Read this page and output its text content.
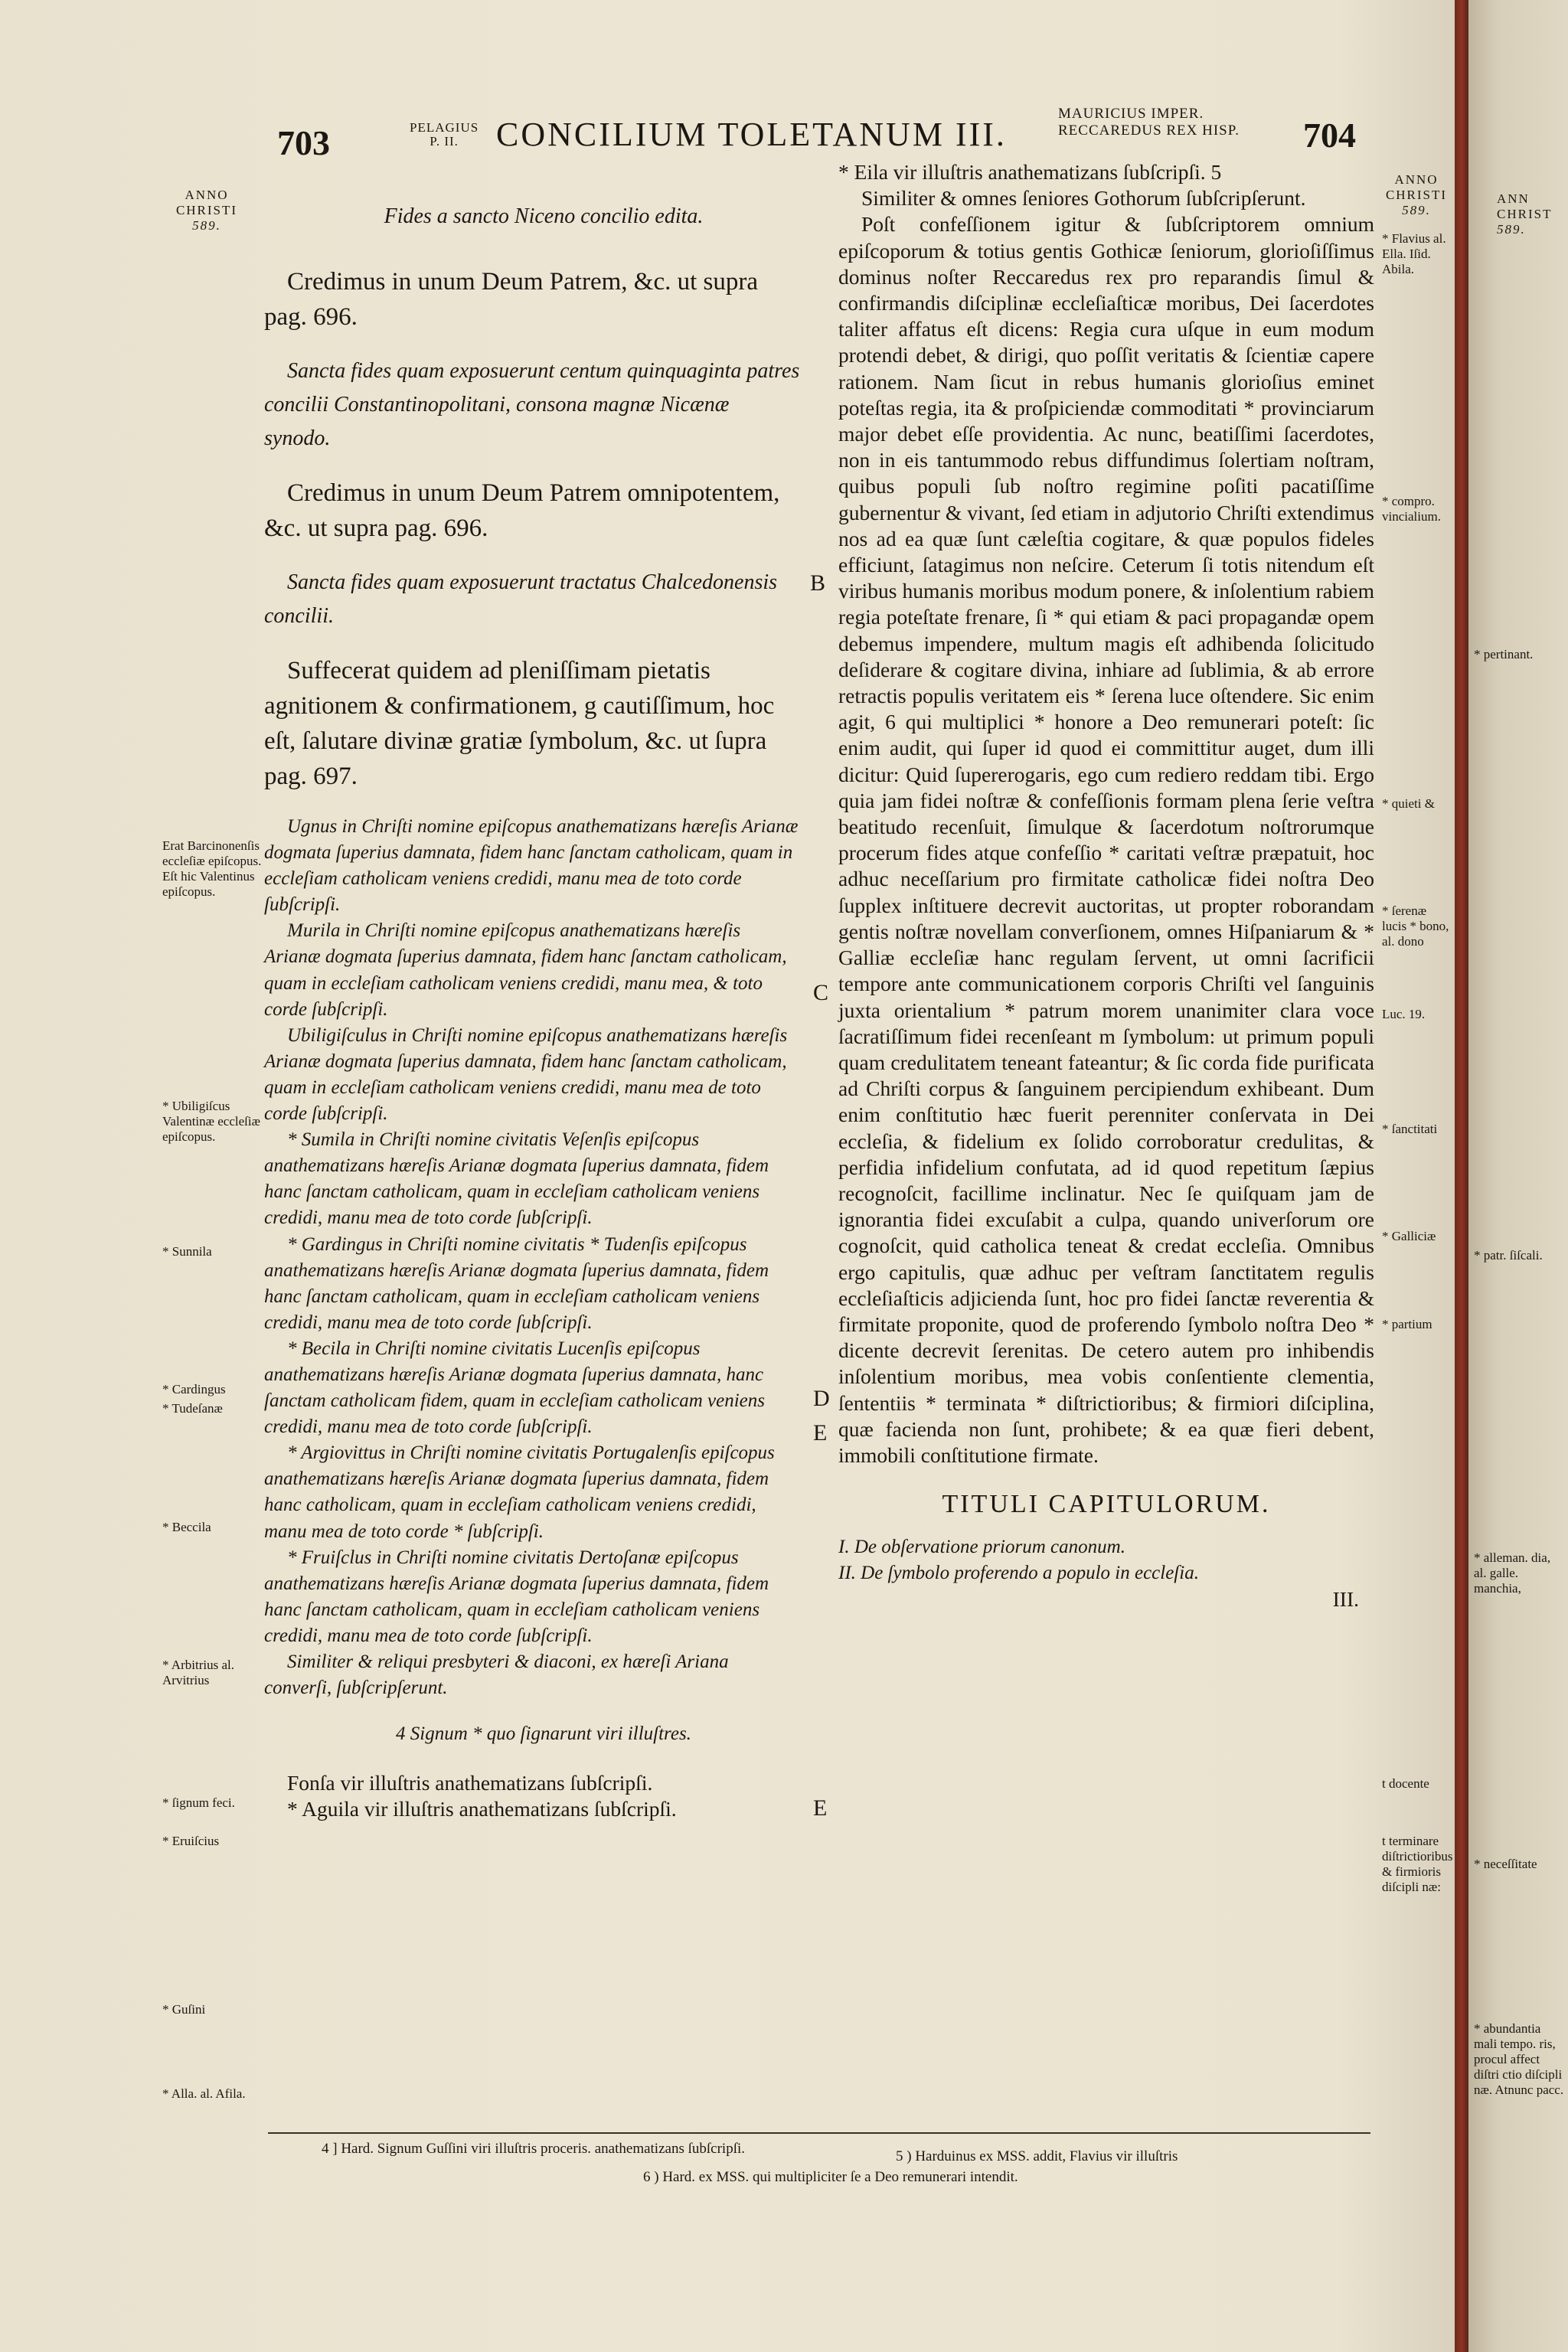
703	PELAGIUS
P. II.	CONCILIUM TOLETANUM III.
MAURICIUS IMPER.
RECCAREDUS REX HISP. 704
ANNO
CHRISTI
589.
ANNO
CHRISTI
589.
ANN
CHRIST
589.

Fides a sancto Niceno concilio edita.

Credimus in unum Deum Patrem, &c. ut supra pag. 696.

Sancta fides quam exposuerunt centum quinquaginta patres concilii Constantinopolitani, consona magnæ Nicænæ synodo.

Credimus in unum Deum Patrem omnipotentem, &c. ut supra pag. 696.

Sancta fides quam exposuerunt tractatus Chalcedonensis concilii.

Suffecerat quidem ad pleniſſimam pietatis agnitionem & confirmationem, g cautiſſimum, hoc eſt, ſalutare divinæ gratiæ ſymbolum, &c. ut ſupra pag. 697.

Ugnus in Chriſti nomine epiſcopus anathematizans hæreſis Arianæ dogmata ſuperius damnata, fidem hanc ſanctam catholicam, quam in eccleſiam catholicam veniens credidi, manu mea de toto corde ſubſcripſi.

Murila in Chriſti nomine epiſcopus anathematizans hæreſis Arianæ dogmata ſuperius damnata, fidem hanc ſanctam catholicam, quam in eccleſiam catholicam veniens credidi, manu mea, & toto corde ſubſcripſi.

Ubiligiſculus in Chriſti nomine epiſcopus anathematizans hæreſis Arianæ dogmata ſuperius damnata, fidem hanc ſanctam catholicam, quam in eccleſiam catholicam veniens credidi, manu mea de toto corde ſubſcripſi.

* Sumila in Chriſti nomine civitatis Veſenſis epiſcopus anathematizans hæreſis Arianæ dogmata ſuperius damnata, fidem hanc ſanctam catholicam, quam in eccleſiam catholicam veniens credidi, manu mea de toto corde ſubſcripſi.

* Gardingus in Chriſti nomine civitatis * Tudenſis epiſcopus anathematizans hæreſis Arianæ dogmata ſuperius damnata, fidem hanc ſanctam catholicam, quam in eccleſiam catholicam veniens credidi, manu mea de toto corde ſubſcripſi.

* Becila in Chriſti nomine civitatis Lucenſis epiſcopus anathematizans hæreſis Arianæ dogmata ſuperius damnata, hanc ſanctam catholicam fidem, quam in eccleſiam catholicam veniens credidi, manu mea de toto corde ſubſcripſi.

* Argiovittus in Chriſti nomine civitatis Portugalenſis epiſcopus anathematizans hæreſis Arianæ dogmata ſuperius damnata, fidem hanc catholicam, quam in eccleſiam catholicam veniens credidi, manu mea de toto corde * ſubſcripſi.

* Fruiſclus in Chriſti nomine civitatis Dertoſanæ epiſcopus anathematizans hæreſis Arianæ dogmata ſuperius damnata, fidem hanc ſanctam catholicam, quam in eccleſiam catholicam veniens credidi, manu mea de toto corde ſubſcripſi.

Similiter & reliqui presbyteri & diaconi, ex hæreſi Ariana converſi, ſubſcripſerunt.

4 Signum * quo ſignarunt viri illuſtres.

Fonſa vir illuſtris anathematizans ſubſcripſi.

* Aguila vir illuſtris anathematizans ſubſcripſi.

Erat Barcinonenſis eccleſiæ epiſcopus. Eſt hic Valentinus epiſcopus.
* Ubiligiſcus Valentinæ eccleſiæ epiſcopus.
* Sunnila
* Cardingus
* Tudeſanæ
* Beccila
* Arbitrius al. Arvitrius
* ſignum feci.
* Eruiſcius
* Guſini
* Alla. al. Afila.
B
C
D
E
E

* Eila vir illuſtris anathematizans ſubſcripſi. 5

Similiter & omnes ſeniores Gothorum ſubſcripſerunt.

Poſt confeſſionem igitur & ſubſcriptorem omnium epiſcoporum & totius gentis Gothicæ ſeniorum, glorioſiſſimus dominus noſter Reccaredus rex pro reparandis ſimul & confirmandis diſciplinæ eccleſiaſticæ moribus, Dei ſacerdotes taliter affatus eſt dicens: Regia cura uſque in eum modum protendi debet, & dirigi, quo poſſit veritatis & ſcientiæ capere rationem. Nam ſicut in rebus humanis glorioſius eminet poteſtas regia, ita & proſpiciendæ commoditati * provinciarum major debet eſſe providentia. Ac nunc, beatiſſimi ſacerdotes, non in eis tantummodo rebus diffundimus ſolertiam noſtram, quibus populi ſub noſtro regimine poſiti pacatiſſime gubernentur & vivant, ſed etiam in adjutorio Chriſti extendimus nos ad ea quæ ſunt cæleſtia cogitare, & quæ populos fideles efficiunt, ſatagimus non neſcire. Ceterum ſi totis nitendum eſt viribus humanis moribus modum ponere, & inſolentium rabiem regia poteſtate frenare, ſi * qui etiam & paci propagandæ opem debemus impendere, multum magis eſt adhibenda ſolicitudo deſiderare & cogitare divina, inhiare ad ſublimia, & ab errore retractis populis veritatem eis * ſerena luce oſtendere. Sic enim agit, 6 qui multiplici * honore a Deo remunerari poteſt: ſic enim audit, qui ſuper id quod ei committitur auget, dum illi dicitur: Quid ſupererogaris, ego cum rediero reddam tibi. Ergo quia jam fidei noſtræ & confeſſionis formam plena ſerie veſtra beatitudo recenſuit, ſimulque & ſacerdotum noſtrorumque procerum fides atque confeſſio * caritati veſtræ præpatuit, hoc adhuc neceſſarium pro firmitate catholicæ fidei noſtra Deo ſupplex inſtituere decrevit auctoritas, ut propter roborandam gentis noſtræ novellam converſionem, omnes Hiſpaniarum & * Galliæ eccleſiæ hanc regulam ſervent, ut omni ſacrificii tempore ante communicationem corporis Chriſti vel ſanguinis juxta orientalium * patrum morem unanimiter clara voce ſacratiſſimum fidei recenſeant m ſymbolum: ut primum populi quam credulitatem teneant fateantur; & ſic corda fide purificata ad Chriſti corpus & ſanguinem percipiendum exhibeant. Dum enim conſtitutio hæc fuerit perenniter conſervata in Dei eccleſia, & fidelium ex ſolido corroboratur credulitas, & perfidia infidelium confutata, ad id quod repetitum ſæpius recognoſcit, facillime inclinatur. Nec ſe quiſquam jam de ignorantia fidei excuſabit a culpa, quando univerſorum ore cognoſcit, quid catholica teneat & credat eccleſia. Omnibus ergo capitulis, quæ adhuc per veſtram ſanctitatem regulis eccleſiaſticis adjicienda ſunt, hoc pro fidei ſanctæ reverentia & firmitate proponite, quod de proferendo ſymbolo noſtra Deo * dicente decrevit ſerenitas. De cetero autem pro inhibendis inſolentium moribus, mea vobis conſentiente clementia, ſententiis * terminata * diſtrictioribus; & firmiori diſciplina, quæ facienda non ſunt, prohibete; & ea quæ fieri debent, immobili conſtitutione firmate.

TITULI CAPITULORUM.
I. De obſervatione priorum canonum.
II. De ſymbolo proferendo a populo in eccleſia.
III.
* Flavius al. Ella. Iſid. Abila.
* compro. vincialium.
* quieti &
* ſerenæ lucis * bono, al. dono
Luc. 19.
* ſanctitati
* Galliciæ
* partium
t docente
t terminare diſtrictioribus & firmioris diſcipli næ:
* pertinant.
* patr. ſiſcali.
* alleman. dia, al. galle. manchia,
* neceſſitate
* abundantia mali tempo. ris, procul affect diſtri ctio diſcipli næ. Atnunc pacc.
4 ] Hard. Signum Guſſini viri illuſtris proceris. anathematizans ſubſcripſi.	5 ) Harduinus ex MSS. addit, Flavius vir illuſtris
6 ) Hard. ex MSS. qui multipliciter ſe a Deo remunerari intendit.
